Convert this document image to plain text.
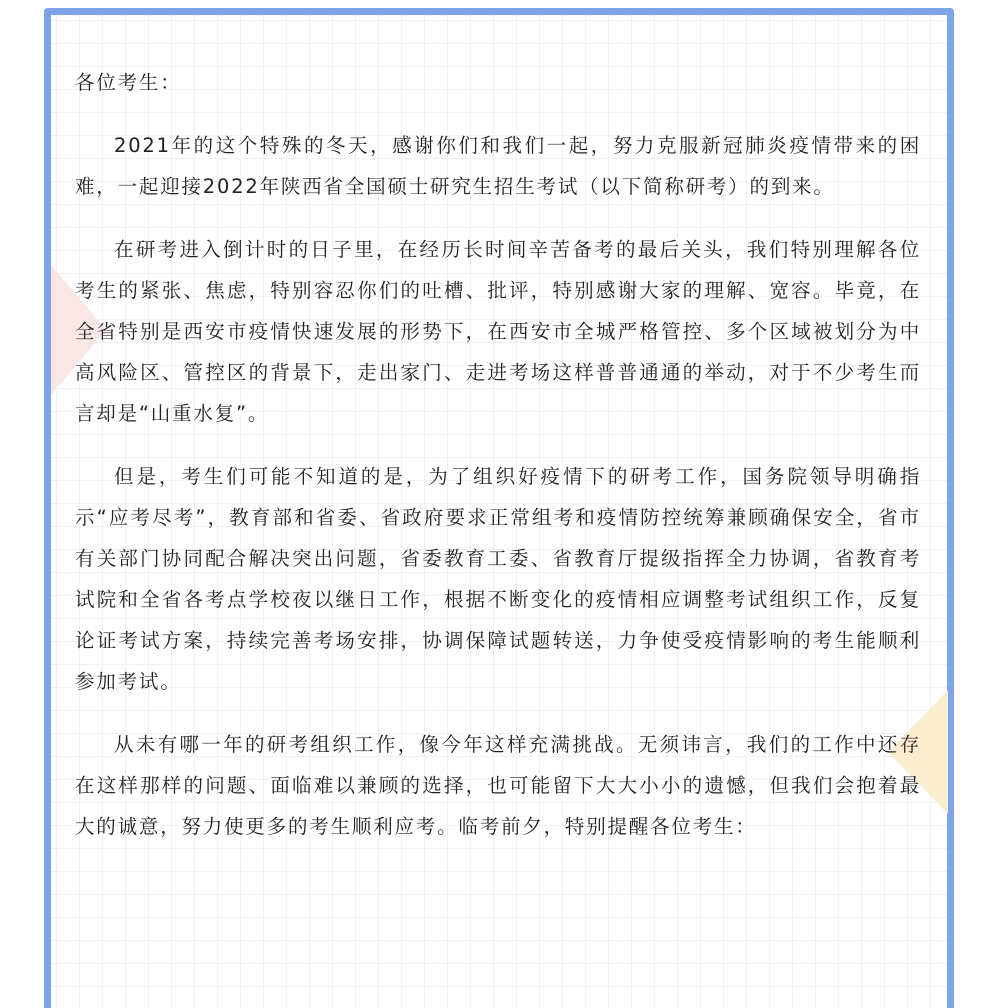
各位考生：

2021年的这个特殊的冬天，感谢你们和我们一起，努力克服新冠肺炎疫情带来的困难，一起迎接2022年陕西省全国硕士研究生招生考试（以下简称研考）的到来。

在研考进入倒计时的日子里，在经历长时间辛苦备考的最后关头，我们特别理解各位考生的紧张、焦虑，特别容忍你们的吐槽、批评，特别感谢大家的理解、宽容。毕竟，在全省特别是西安市疫情快速发展的形势下，在西安市全城严格管控、多个区域被划分为中高风险区、管控区的背景下，走出家门、走进考场这样普普通通的举动，对于不少考生而言却是“山重水复”。

但是，考生们可能不知道的是，为了组织好疫情下的研考工作，国务院领导明确指示“应考尽考”，教育部和省委、省政府要求正常组考和疫情防控统筹兼顾确保安全，省市有关部门协同配合解决突出问题，省委教育工委、省教育厅提级指挥全力协调，省教育考试院和全省各考点学校夜以继日工作，根据不断变化的疫情相应调整考试组织工作，反复论证考试方案，持续完善考场安排，协调保障试题转送，力争使受疫情影响的考生能顺利参加考试。

从未有哪一年的研考组织工作，像今年这样充满挑战。无须讳言，我们的工作中还存在这样那样的问题、面临难以兼顾的选择，也可能留下大大小小的遗憾，但我们会抱着最大的诚意，努力使更多的考生顺利应考。临考前夕，特别提醒各位考生：
